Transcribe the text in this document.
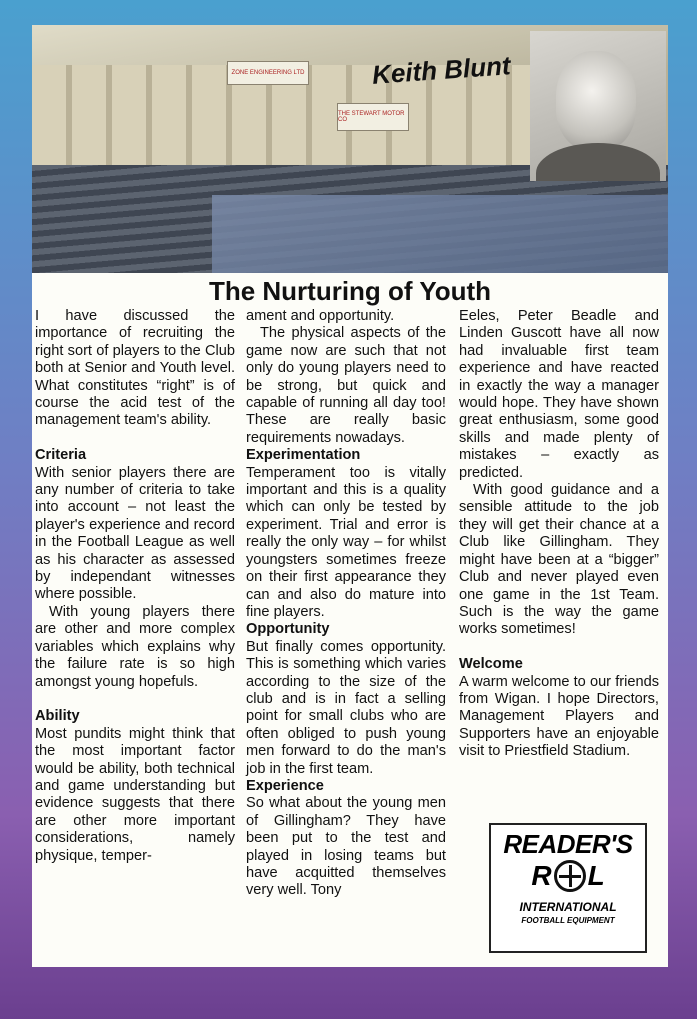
ZONE ENGINEERING LTD
THE STEWART MOTOR CO
Keith Blunt
The Nurturing of Youth

I have discussed the importance of recruiting the right sort of players to the Club both at Senior and Youth level. What constitutes “right” is of course the acid test of the management team's ability.

Criteria

With senior players there are any number of criteria to take into account – not least the player's experience and record in the Football League as well as his character as assessed by independant witnesses where possible.

With young players there are other and more complex variables which explains why the failure rate is so high amongst young hopefuls.

Ability

Most pundits might think that the most important factor would be ability, both technical and game understanding but evidence suggests that there are other more important considerations, namely physique, temper-

ament and opportunity.

The physical aspects of the game now are such that not only do young players need to be strong, but quick and capable of running all day too! These are really basic requirements nowadays.

Experimentation

Temperament too is vitally important and this is a quality which can only be tested by experiment. Trial and error is really the only way – for whilst youngsters sometimes freeze on their first appearance they can and also do mature into fine players.

Opportunity

But finally comes opportunity. This is something which varies according to the size of the club and is in fact a selling point for small clubs who are often obliged to push young men forward to do the man's job in the first team.

Experience

So what about the young men of Gillingham? They have been put to the test and played in losing teams but have acquitted themselves very well. Tony

Eeles, Peter Beadle and Linden Guscott have all now had invaluable first team experience and have reacted in exactly the way a manager would hope. They have shown great enthusiasm, some good skills and made plenty of mistakes – exactly as predicted.

With good guidance and a sensible attitude to the job they will get their chance at a Club like Gillingham. They might have been at a “bigger” Club and never played even one game in the 1st Team. Such is the way the game works sometimes!

Welcome

A warm welcome to our friends from Wigan. I hope Directors, Management Players and Supporters have an enjoyable visit to Priestfield Stadium.

READER'S
R L
INTERNATIONAL
FOOTBALL EQUIPMENT
